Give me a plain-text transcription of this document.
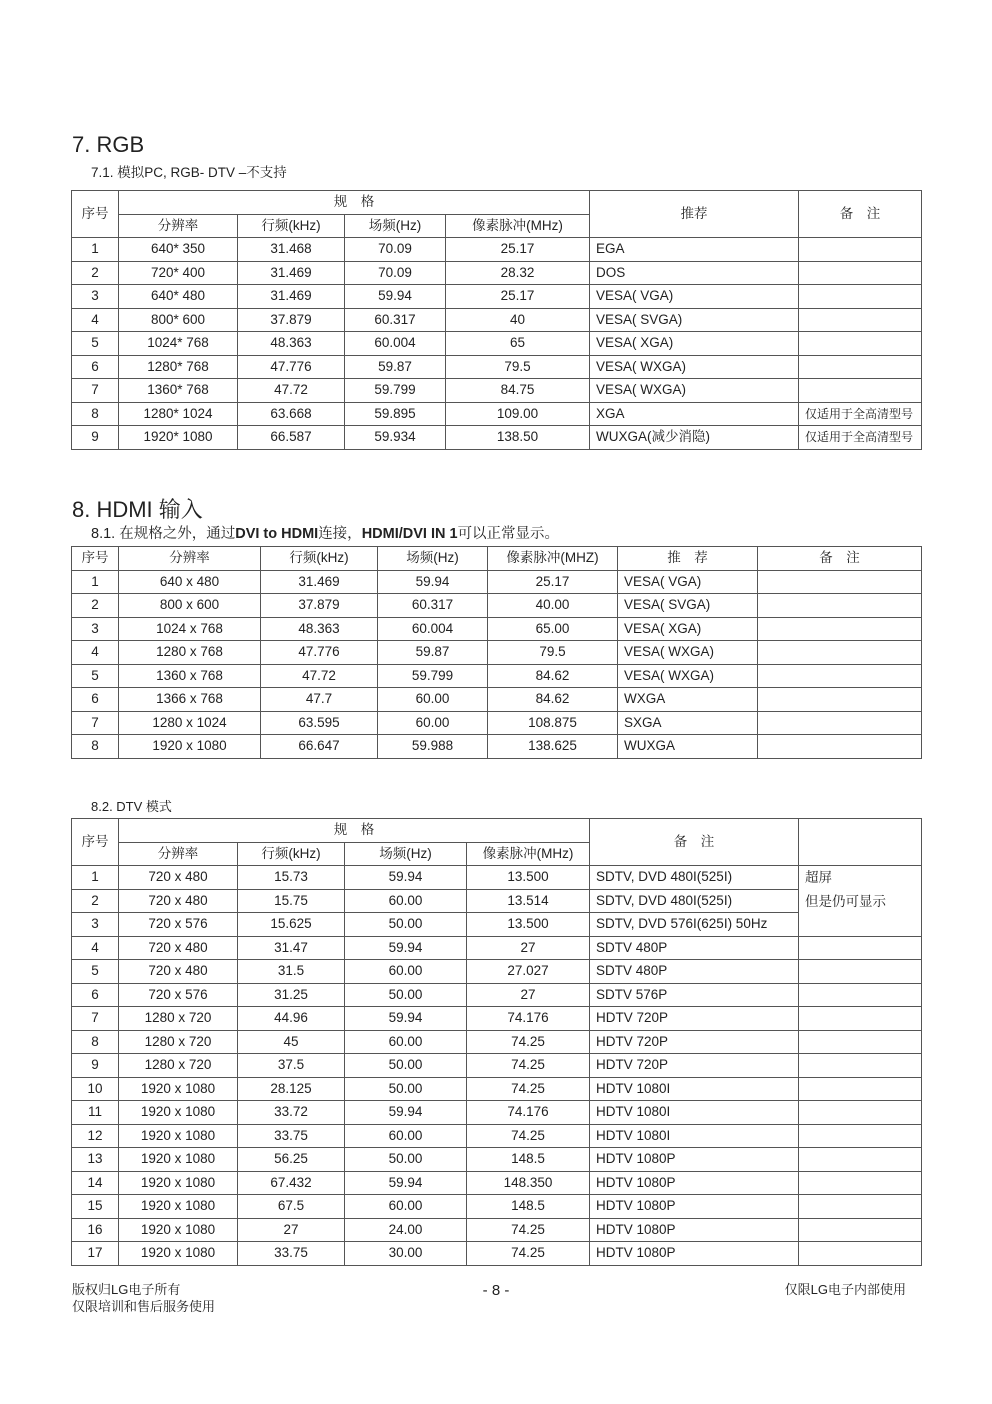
7. RGB
7.1. 模拟PC, RGB- DTV –不支持
序号	规　格				推荐	备　注
	分辨率	行频(kHz)	场频(Hz)	像素脉冲(MHz)		
1	640* 350	31.468	70.09	25.17	EGA	
2	720* 400	31.469	70.09	28.32	DOS	
3	640* 480	31.469	59.94	25.17	VESA( VGA)	
4	800* 600	37.879	60.317	40	VESA( SVGA)	
5	1024* 768	48.363	60.004	65	VESA( XGA)	
6	1280* 768	47.776	59.87	79.5	VESA( WXGA)	
7	1360* 768	47.72	59.799	84.75	VESA( WXGA)	
8	1280* 1024	63.668	59.895	109.00	XGA	仅适用于全高清型号
9	1920* 1080	66.587	59.934	138.50	WUXGA(减少消隐)	仅适用于全高清型号
8. HDMI 输入
8.1. 在规格之外，通过DVI to HDMI连接，HDMI/DVI IN 1可以正常显示。
序号	分辨率	行频(kHz)	场频(Hz)	像素脉冲(MHZ)	推　荐	备　注
1	640 x 480	31.469	59.94	25.17	VESA( VGA)	
2	800 x 600	37.879	60.317	40.00	VESA( SVGA)	
3	1024 x 768	48.363	60.004	65.00	VESA( XGA)	
4	1280 x 768	47.776	59.87	79.5	VESA( WXGA)	
5	1360 x 768	47.72	59.799	84.62	VESA( WXGA)	
6	1366 x 768	47.7	60.00	84.62	WXGA	
7	1280 x 1024	63.595	60.00	108.875	SXGA	
8	1920 x 1080	66.647	59.988	138.625	WUXGA	
8.2. DTV 模式
序号	规　格				备　注	
	分辨率	行频(kHz)	场频(Hz)	像素脉冲(MHz)		
1	720 x 480	15.73	59.94	13.500	SDTV, DVD 480I(525I)	超屏
但是仍可显示

2	720 x 480	15.75	60.00	13.514	SDTV, DVD 480I(525I)	
3	720 x 576	15.625	50.00	13.500	SDTV, DVD 576I(625I) 50Hz	
4	720 x 480	31.47	59.94	27	SDTV 480P	
5	720 x 480	31.5	60.00	27.027	SDTV 480P	
6	720 x 576	31.25	50.00	27	SDTV 576P	
7	1280 x 720	44.96	59.94	74.176	HDTV 720P	
8	1280 x 720	45	60.00	74.25	HDTV 720P	
9	1280 x 720	37.5	50.00	74.25	HDTV 720P	
10	1920 x 1080	28.125	50.00	74.25	HDTV 1080I	
11	1920 x 1080	33.72	59.94	74.176	HDTV 1080I	
12	1920 x 1080	33.75	60.00	74.25	HDTV 1080I	
13	1920 x 1080	56.25	50.00	148.5	HDTV 1080P	
14	1920 x 1080	67.432	59.94	148.350	HDTV 1080P	
15	1920 x 1080	67.5	60.00	148.5	HDTV 1080P	
16	1920 x 1080	27	24.00	74.25	HDTV 1080P	
17	1920 x 1080	33.75	30.00	74.25	HDTV 1080P	
版权归LG电子所有
仅限培训和售后服务使用
- 8 -	仅限LG电子内部使用
